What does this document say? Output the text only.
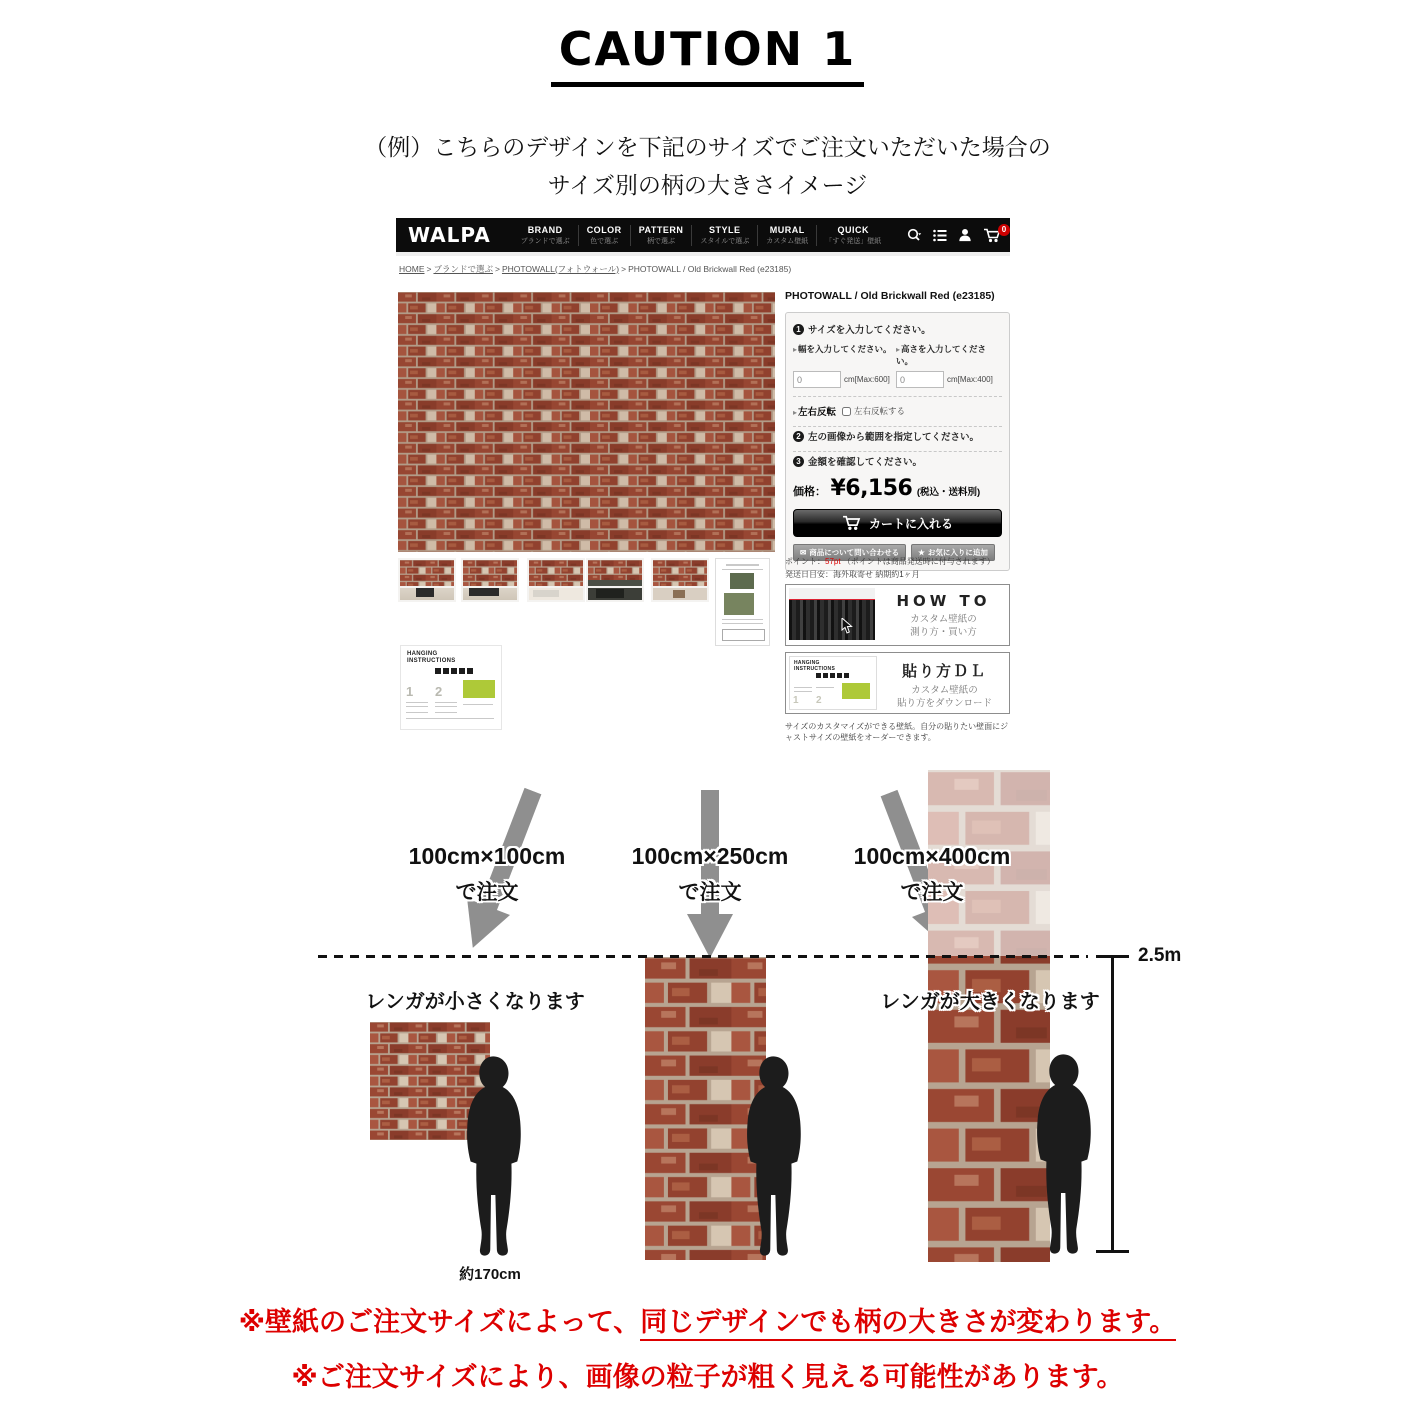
CAUTION 1
（例）こちらのデザインを下記のサイズでご注文いただいた場合の
サイズ別の柄の大きさイメージ
WALPA	BRAND
ブランドで選ぶ
COLOR
色で選ぶ
PATTERN
柄で選ぶ
STYLE
スタイルで選ぶ
MURAL
カスタム壁紙
QUICK
「すぐ発送」壁紙
0
HOME > ブランドで選ぶ > PHOTOWALL(フォトウォール) > PHOTOWALL / Old Brickwall Red (e23185)
HANGING
INSTRUCTIONS
1 2
PHOTOWALL / Old Brickwall Red (e23185)
1 サイズを入力してください。
▸幅を入力してください。 ▸高さを入力してください。
0
cm[Max:600]
0	cm[Max:400]
▸左右反転 左右反転する
2 左の画像から範囲を指定してください。
3 金額を確認してください。
価格： ¥6,156 (税込・送料別)
カートに入れる
✉ 商品について問い合わせる	★ お気に入りに追加
ポイント：57pt （ポイントは商品発送時に付与されます）
発送日目安：海外取寄せ 納期約1ヶ月
HOW TO
カスタム壁紙の
測り方・買い方
HANGING
INSTRUCTIONS
1 2
貼り方ＤＬ
カスタム壁紙の
貼り方をダウンロード
サイズのカスタマイズができる壁紙。自分の貼りたい壁面にジャストサイズの壁紙をオーダーできます。
100cm×100cm
で注文
100cm×250cm
で注文
100cm×400cm
で注文
2.5m
レンガが小さくなります	レンガが大きくなります
約170cm
※壁紙のご注文サイズによって、同じデザインでも柄の大きさが変わります。
※ご注文サイズにより、画像の粒子が粗く見える可能性があります。
